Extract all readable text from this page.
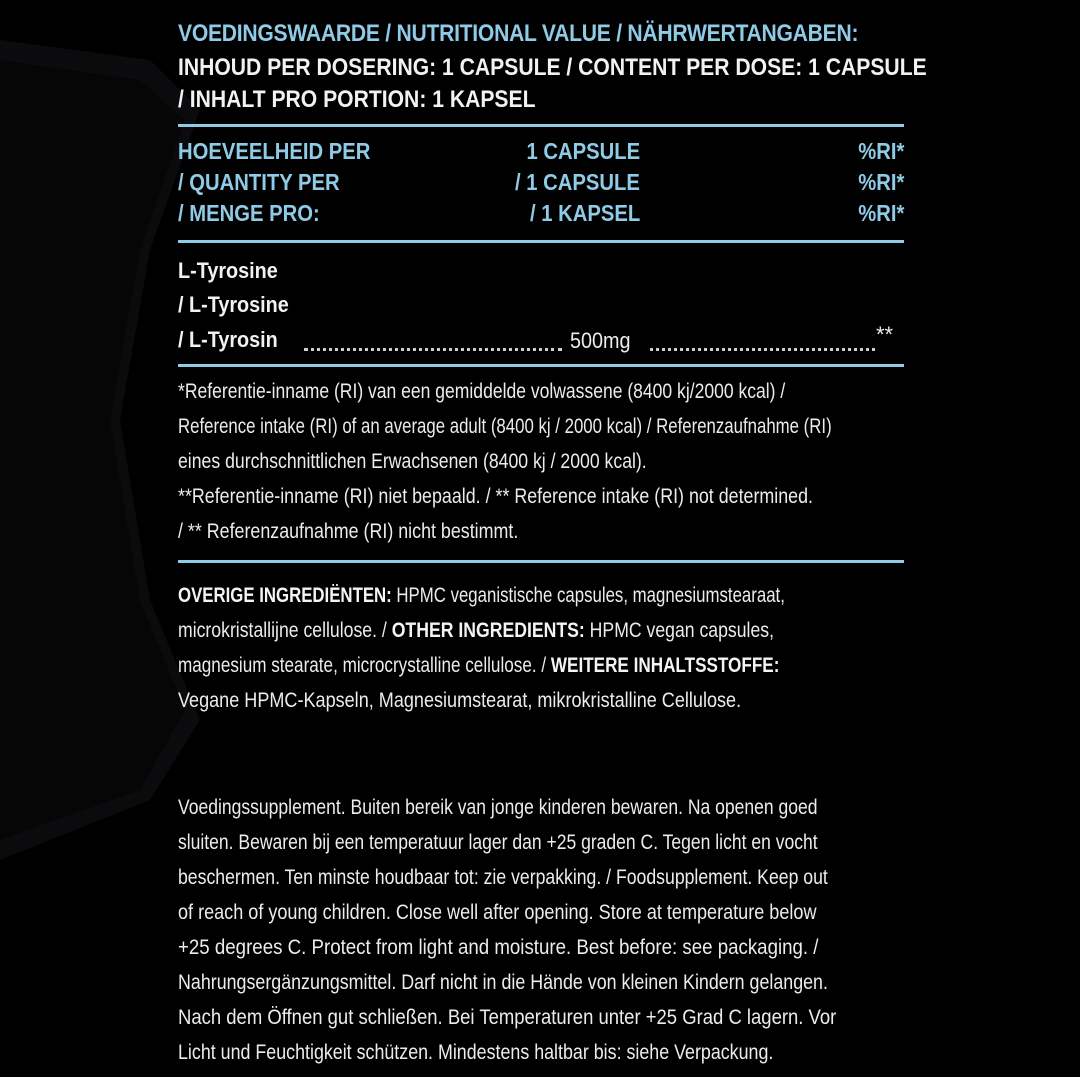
VOEDINGSWAARDE / NUTRITIONAL VALUE / NÄHRWERTANGABEN:
INHOUD PER DOSERING: 1 CAPSULE / CONTENT PER DOSE: 1 CAPSULE
/ INHALT PRO PORTION: 1 KAPSEL
HOEVEELHEID PER	1 CAPSULE	%RI*
/ QUANTITY PER	/ 1 CAPSULE	%RI*
/ MENGE PRO:	/ 1 KAPSEL	%RI*
L-Tyrosine
/ L-Tyrosine
/ L-Tyrosin	500mg	**
*Referentie-inname (RI) van een gemiddelde volwassene (8400 kj/2000 kcal) /
Reference intake (RI) of an average adult (8400 kj / 2000 kcal) / Referenzaufnahme (RI)
eines durchschnittlichen Erwachsenen (8400 kj / 2000 kcal).
**Referentie-inname (RI) niet bepaald. / ** Reference intake (RI) not determined.
/ ** Referenzaufnahme (RI) nicht bestimmt.
OVERIGE INGREDIËNTEN: HPMC veganistische capsules, magnesiumstearaat,
microkristallijne cellulose. / OTHER INGREDIENTS: HPMC vegan capsules,
magnesium stearate, microcrystalline cellulose. / WEITERE INHALTSSTOFFE:
Vegane HPMC-Kapseln, Magnesiumstearat, mikrokristalline Cellulose.
Voedingssupplement. Buiten bereik van jonge kinderen bewaren. Na openen goed
sluiten. Bewaren bij een temperatuur lager dan +25 graden C. Tegen licht en vocht
beschermen. Ten minste houdbaar tot: zie verpakking. / Foodsupplement. Keep out
of reach of young children. Close well after opening. Store at temperature below
+25 degrees C. Protect from light and moisture. Best before: see packaging. /
Nahrungsergänzungsmittel. Darf nicht in die Hände von kleinen Kindern gelangen.
Nach dem Öffnen gut schließen. Bei Temperaturen unter +25 Grad C lagern. Vor
Licht und Feuchtigkeit schützen. Mindestens haltbar bis: siehe Verpackung.
